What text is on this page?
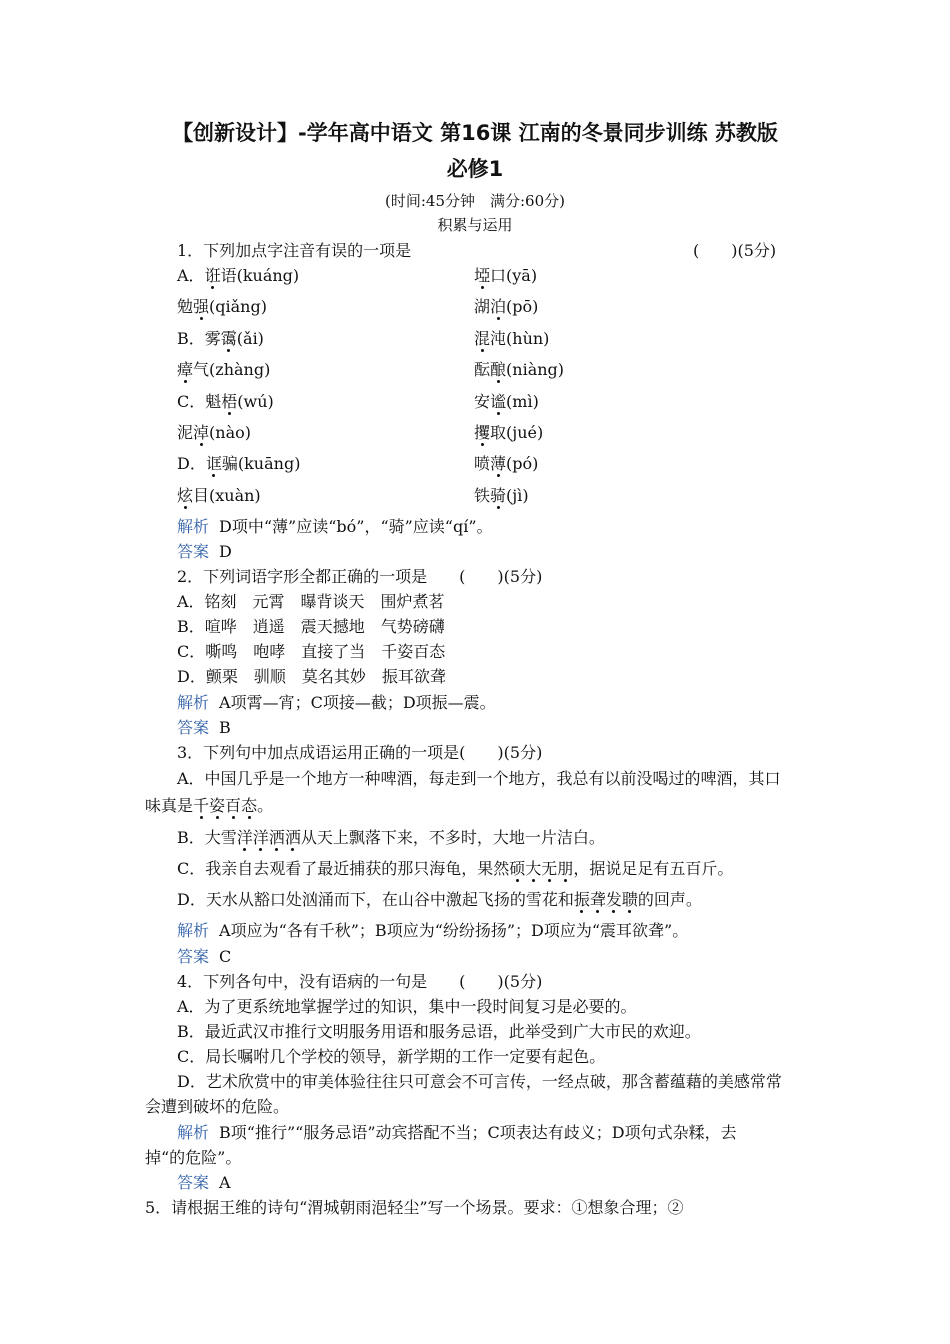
【创新设计】-学年高中语文 第16课 江南的冬景同步训练 苏教版
必修1
(时间:45分钟　满分:60分)
积累与运用
1．下列加点字注音有误的一项是	(　　)(5分)
A．诳语(kuáng)	埡口(yā)
勉强(qiǎng)	湖泊(pō)
B．雾霭(ǎi)	混沌(hùn)
瘴气(zhàng)	酝酿(niàng)
C．魁梧(wú)	安谧(mì)
泥淖(nào)	攫取(jué)
D．诓骗(kuāng)	喷薄(pó)
炫目(xuàn)	铁骑(jì)
解析 D项中“薄”应读“bó”，“骑”应读“qí”。
答案 D
2．下列词语字形全都正确的一项是　　(　　)(5分)
A．铭刻　元霄　曝背谈天　围炉煮茗
B．喧哗　逍遥　震天撼地　气势磅礴
C．嘶鸣　咆哮　直接了当　千姿百态
D．颤栗　驯顺　莫名其妙　振耳欲聋
解析 A项霄—宵；C项接—截；D项振—震。
答案 B
3．下列句中加点成语运用正确的一项是(　　)(5分)
A．中国几乎是一个地方一种啤酒，每走到一个地方，我总有以前没喝过的啤酒，其口
味真是千姿百态。
B．大雪洋洋洒洒从天上飘落下来，不多时，大地一片洁白。
C．我亲自去观看了最近捕获的那只海龟，果然硕大无朋，据说足足有五百斤。
D．天水从豁口处汹涌而下，在山谷中激起飞扬的雪花和振聋发聩的回声。
解析 A项应为“各有千秋”；B项应为“纷纷扬扬”；D项应为“震耳欲聋”。
答案 C
4．下列各句中，没有语病的一句是　　(　　)(5分)
A．为了更系统地掌握学过的知识，集中一段时间复习是必要的。
B．最近武汉市推行文明服务用语和服务忌语，此举受到广大市民的欢迎。
C．局长嘱咐几个学校的领导，新学期的工作一定要有起色。
D．艺术欣赏中的审美体验往往只可意会不可言传，一经点破，那含蓄蕴藉的美感常常
会遭到破坏的危险。
解析 B项“推行”“服务忌语”动宾搭配不当；C项表达有歧义；D项句式杂糅，去
掉“的危险”。
答案 A
5．请根据王维的诗句“渭城朝雨浥轻尘”写一个场景。要求：①想象合理；②
